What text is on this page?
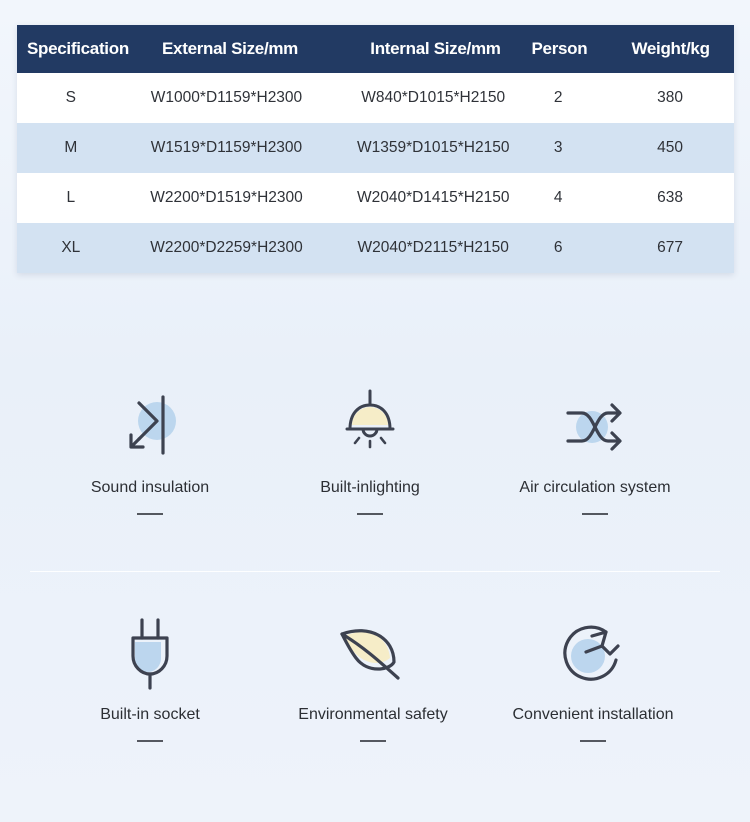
Specification	External Size/mm	Internal Size/mm	Person	Weight/kg
S	W1000*D1159*H2300	W840*D1015*H2150	2	380
M	W1519*D1159*H2300	W1359*D1015*H2150	3	450
L	W2200*D1519*H2300	W2040*D1415*H2150	4	638
XL	W2200*D2259*H2300	W2040*D2115*H2150	6	677
Sound insulation	Built-inlighting	Air circulation system
Built-in socket	Environmental safety	Convenient installation
